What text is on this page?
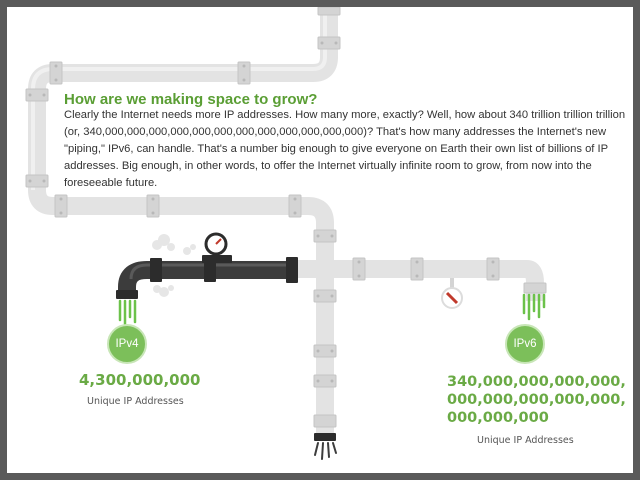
How are we making space to grow?

Clearly the Internet needs more IP addresses. How many more, exactly? Well, how about 340 trillion trillion trillion (or, 340,000,000,000,000,000,000,000,000,000,000,000,000)? That's how many addresses the Internet's new "piping," IPv6, can handle. That's a number big enough to give everyone on Earth their own list of billions of IP addresses. Big enough, in other words, to offer the Internet virtually infinite room to grow, from now into the foreseeable future.

IPv4
4,300,000,000
Unique IP Addresses
IPv6
340,000,000,000,000,
000,000,000,000,000,
000,000,000
Unique IP Addresses
